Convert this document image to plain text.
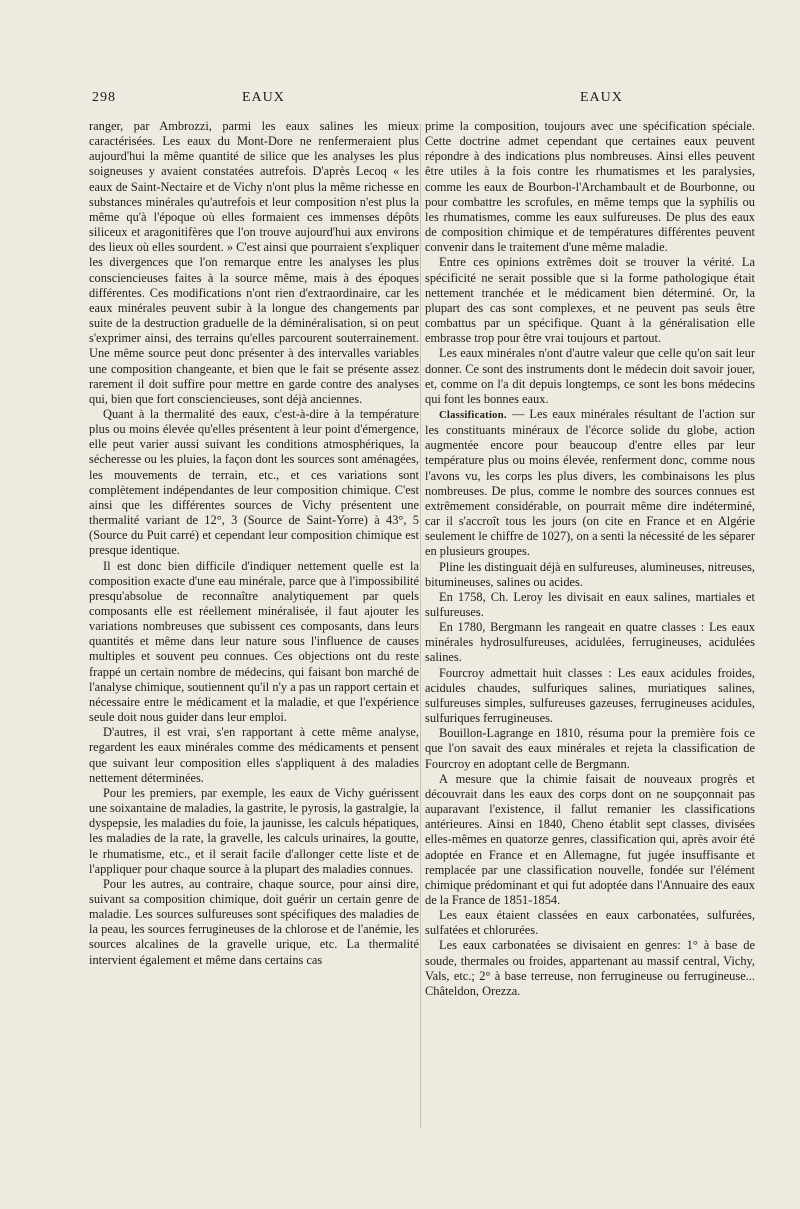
298	EAUX	EAUX

ranger, par Ambrozzi, parmi les eaux salines les mieux caractérisées. Les eaux du Mont-Dore ne renfermeraient plus aujourd'hui la même quantité de silice que les analyses les plus soigneuses y avaient constatées autrefois. D'après Lecoq « les eaux de Saint-Nectaire et de Vichy n'ont plus la même richesse en substances minérales qu'autrefois et leur composition n'est plus la même qu'à l'époque où elles formaient ces immenses dépôts siliceux et aragonitifères que l'on trouve aujourd'hui aux environs des lieux où elles sourdent. » C'est ainsi que pourraient s'expliquer les divergences que l'on remarque entre les analyses les plus consciencieuses faites à la source même, mais à des époques différentes. Ces modifications n'ont rien d'extraordinaire, car les eaux minérales peuvent subir à la longue des changements par suite de la destruction graduelle de la déminéralisation, si on peut s'exprimer ainsi, des terrains qu'elles parcourent souterrainement. Une même source peut donc présenter à des intervalles variables une composition changeante, et bien que le fait se présente assez rarement il doit suffire pour mettre en garde contre des analyses qui, bien que fort consciencieuses, sont déjà anciennes.

Quant à la thermalité des eaux, c'est-à-dire à la température plus ou moins élevée qu'elles présentent à leur point d'émergence, elle peut varier aussi suivant les conditions atmosphériques, la sécheresse ou les pluies, la façon dont les sources sont aménagées, les mouvements de terrain, etc., et ces variations sont complètement indépendantes de leur composition chimique. C'est ainsi que les différentes sources de Vichy présentent une thermalité variant de 12°, 3 (Source de Saint-Yorre) à 43°, 5 (Source du Puit carré) et cependant leur composition chimique est presque identique.

Il est donc bien difficile d'indiquer nettement quelle est la composition exacte d'une eau minérale, parce que à l'impossibilité presqu'absolue de reconnaître analytiquement par quels composants elle est réellement minéralisée, il faut ajouter les variations nombreuses que subissent ces composants, dans leurs quantités et même dans leur nature sous l'influence de causes multiples et souvent peu connues. Ces objections ont du reste frappé un certain nombre de médecins, qui faisant bon marché de l'analyse chimique, soutiennent qu'il n'y a pas un rapport certain et nécessaire entre le médicament et la maladie, et que l'expérience seule doit nous guider dans leur emploi.

D'autres, il est vrai, s'en rapportant à cette même analyse, regardent les eaux minérales comme des médicaments et pensent que suivant leur composition elles s'appliquent à des maladies nettement déterminées.

Pour les premiers, par exemple, les eaux de Vichy guérissent une soixantaine de maladies, la gastrite, le pyrosis, la gastralgie, la dyspepsie, les maladies du foie, la jaunisse, les calculs hépatiques, les maladies de la rate, la gravelle, les calculs urinaires, la goutte, le rhumatisme, etc., et il serait facile d'allonger cette liste et de l'appliquer pour chaque source à la plupart des maladies connues.

Pour les autres, au contraire, chaque source, pour ainsi dire, suivant sa composition chimique, doit guérir un certain genre de maladie. Les sources sulfureuses sont spécifiques des maladies de la peau, les sources ferrugineuses de la chlorose et de l'anémie, les sources alcalines de la gravelle urique, etc. La thermalité intervient également et même dans certains cas

prime la composition, toujours avec une spécification spéciale. Cette doctrine admet cependant que certaines eaux peuvent répondre à des indications plus nombreuses. Ainsi elles peuvent être utiles à la fois contre les rhumatismes et les paralysies, comme les eaux de Bourbon-l'Archambault et de Bourbonne, ou pour combattre les scrofules, en même temps que la syphilis ou les rhumatismes, comme les eaux sulfureuses. De plus des eaux de composition chimique et de températures différentes peuvent convenir dans le traitement d'une même maladie.

Entre ces opinions extrêmes doit se trouver la vérité. La spécificité ne serait possible que si la forme pathologique était nettement tranchée et le médicament bien déterminé. Or, la plupart des cas sont complexes, et ne peuvent pas seuls être combattus par un spécifique. Quant à la généralisation elle embrasse trop pour être vrai toujours et partout.

Les eaux minérales n'ont d'autre valeur que celle qu'on sait leur donner. Ce sont des instruments dont le médecin doit savoir jouer, et, comme on l'a dit depuis longtemps, ce sont les bons médecins qui font les bonnes eaux.

Classification. — Les eaux minérales résultant de l'action sur les constituants minéraux de l'écorce solide du globe, action augmentée encore pour beaucoup d'entre elles par leur température plus ou moins élevée, renferment donc, comme nous l'avons vu, les corps les plus divers, les combinaisons les plus nombreuses. De plus, comme le nombre des sources connues est extrêmement considérable, on pourrait même dire indéterminé, car il s'accroît tous les jours (on cite en France et en Algérie seulement le chiffre de 1027), on a senti la nécessité de les séparer en plusieurs groupes.

Pline les distinguait déjà en sulfureuses, alumineuses, nitreuses, bitumineuses, salines ou acides.

En 1758, Ch. Leroy les divisait en eaux salines, martiales et sulfureuses.

En 1780, Bergmann les rangeait en quatre classes : Les eaux minérales hydrosulfureuses, acidulées, ferrugineuses, acidulées salines.

Fourcroy admettait huit classes : Les eaux acidules froides, acidules chaudes, sulfuriques salines, muriatiques salines, sulfureuses simples, sulfureuses gazeuses, ferrugineuses acidules, sulfuriques ferrugineuses.

Bouillon-Lagrange en 1810, résuma pour la première fois ce que l'on savait des eaux minérales et rejeta la classification de Fourcroy en adoptant celle de Bergmann.

A mesure que la chimie faisait de nouveaux progrès et découvrait dans les eaux des corps dont on ne soupçonnait pas auparavant l'existence, il fallut remanier les classifications antérieures. Ainsi en 1840, Cheno établit sept classes, divisées elles-mêmes en quatorze genres, classification qui, après avoir été adoptée en France et en Allemagne, fut jugée insuffisante et remplacée par une classification nouvelle, fondée sur l'élément chimique prédominant et qui fut adoptée dans l'Annuaire des eaux de la France de 1851-1854.

Les eaux étaient classées en eaux carbonatées, sulfurées, sulfatées et chlorurées.

Les eaux carbonatées se divisaient en genres: 1° à base de soude, thermales ou froides, appartenant au massif central, Vichy, Vals, etc.; 2° à base terreuse, non ferrugineuse ou ferrugineuse... Châteldon, Orezza.
